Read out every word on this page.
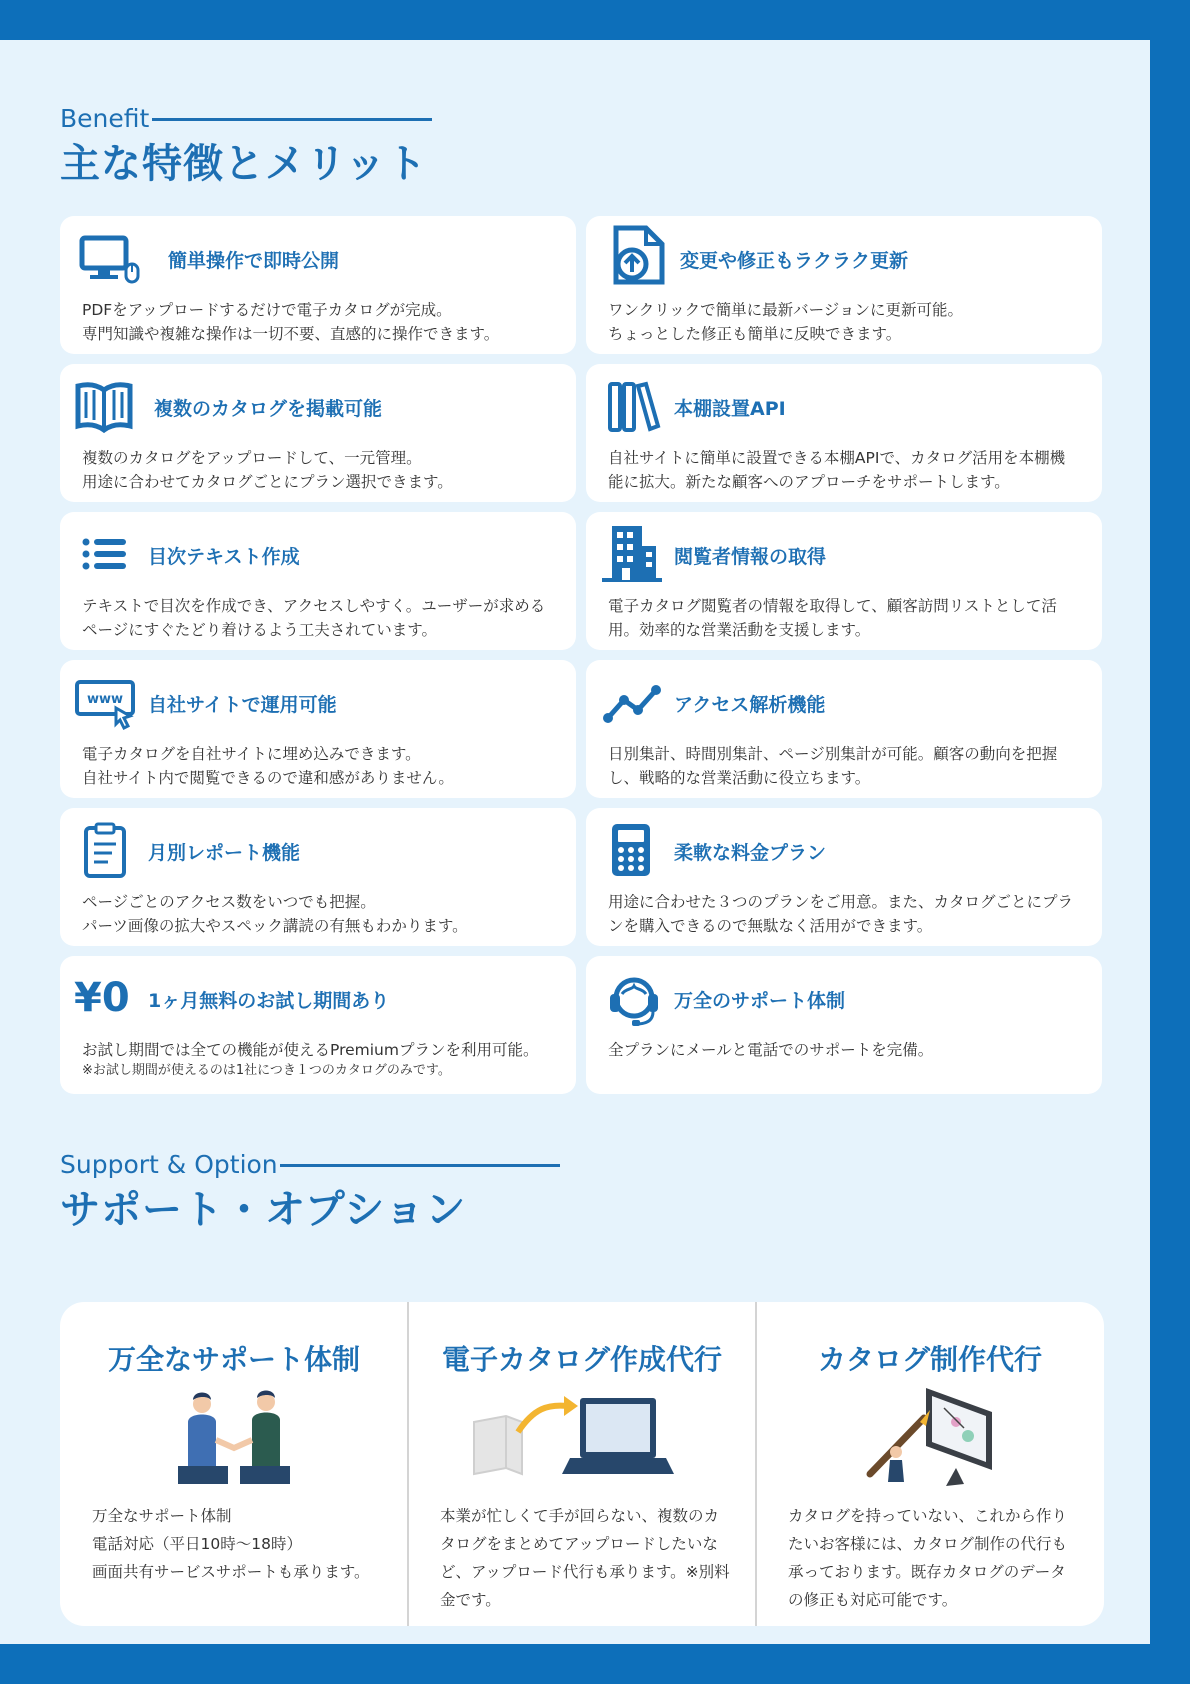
Benefit
主な特徴とメリット
簡単操作で即時公開
PDFをアップロードするだけで電子カタログが完成。
専門知識や複雑な操作は一切不要、直感的に操作できます。
変更や修正もラクラク更新
ワンクリックで簡単に最新バージョンに更新可能。
ちょっとした修正も簡単に反映できます。
複数のカタログを掲載可能
複数のカタログをアップロードして、一元管理。
用途に合わせてカタログごとにプラン選択できます。
本棚設置API
自社サイトに簡単に設置できる本棚APIで、カタログ活用を本棚機能に拡大。新たな顧客へのアプローチをサポートします。
目次テキスト作成
テキストで目次を作成でき、アクセスしやすく。ユーザーが求めるページにすぐたどり着けるよう工夫されています。
閲覧者情報の取得
電子カタログ閲覧者の情報を取得して、顧客訪問リストとして活用。効率的な営業活動を支援します。
www 自社サイトで運用可能
電子カタログを自社サイトに埋め込みできます。
自社サイト内で閲覧できるので違和感がありません。
アクセス解析機能
日別集計、時間別集計、ページ別集計が可能。顧客の動向を把握し、戦略的な営業活動に役立ちます。
月別レポート機能
ページごとのアクセス数をいつでも把握。
パーツ画像の拡大やスペック講読の有無もわかります。
柔軟な料金プラン
用途に合わせた３つのプランをご用意。また、カタログごとにプランを購入できるので無駄なく活用ができます。
¥0 1ヶ月無料のお試し期間あり
お試し期間では全ての機能が使えるPremiumプランを利用可能。
※お試し期間が使えるのは1社につき１つのカタログのみです。
万全のサポート体制
全プランにメールと電話でのサポートを完備。
Support & Option
サポート・オプション
万全なサポート体制
万全なサポート体制
電話対応（平日10時〜18時）
画面共有サービスサポートも承ります。
電子カタログ作成代行
本業が忙しくて手が回らない、複数のカタログをまとめてアップロードしたいなど、アップロード代行も承ります。※別料金です。
カタログ制作代行
カタログを持っていない、これから作りたいお客様には、カタログ制作の代行も承っております。既存カタログのデータの修正も対応可能です。
